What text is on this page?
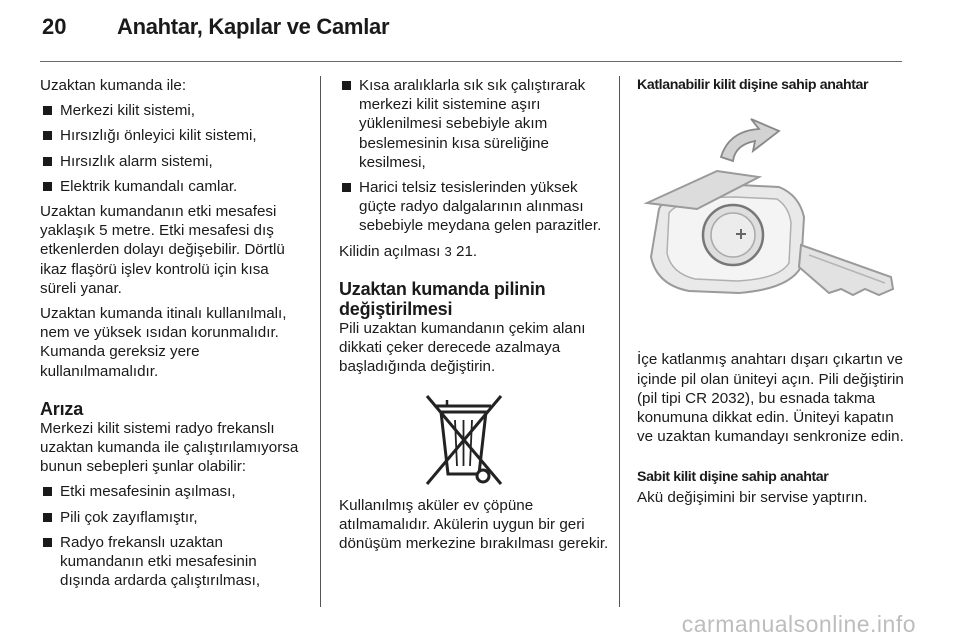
20 Anahtar, Kapılar ve Camlar

Uzaktan kumanda ile:

Merkezi kilit sistemi,
Hırsızlığı önleyici kilit sistemi,
Hırsızlık alarm sistemi,
Elektrik kumandalı camlar.

Uzaktan kumandanın etki mesafesi yaklaşık 5 metre. Etki mesafesi dış etkenlerden dolayı değişebilir. Dörtlü ikaz flaşörü işlev kontrolü için kısa süreli yanar.

Uzaktan kumanda itinalı kullanılmalı, nem ve yüksek ısıdan korunmalıdır. Kumanda gereksiz yere kullanılmamalıdır.

Arıza

Merkezi kilit sistemi radyo frekanslı uzaktan kumanda ile çalıştırılamıyorsa bunun sebepleri şunlar olabilir:

Etki mesafesinin aşılması,
Pili çok zayıflamıştır,
Radyo frekanslı uzaktan kumandanın etki mesafesinin dışında ardarda çalıştırılması,
Kısa aralıklarla sık sık çalıştırarak merkezi kilit sistemine aşırı yüklenilmesi sebebiyle akım beslemesinin kısa süreliğine kesilmesi,
Harici telsiz tesislerinden yüksek güçte radyo dalgalarının alınması sebebiyle meydana gelen parazitler.

Kilidin açılması 3 21.

Uzaktan kumanda pilinin değiştirilmesi

Pili uzaktan kumandanın çekim alanı dikkati çeker derecede azalmaya başladığında değiştirin.

Kullanılmış aküler ev çöpüne atılmamalıdır. Akülerin uygun bir geri dönüşüm merkezine bırakılması gerekir.

Katlanabilir kilit dişine sahip anahtar

İçe katlanmış anahtarı dışarı çıkartın ve içinde pil olan üniteyi açın. Pili değiştirin (pil tipi CR 2032), bu esnada takma konumuna dikkat edin. Üniteyi kapatın ve uzaktan kumandayı senkronize edin.

Sabit kilit dişine sahip anahtar

Akü değişimini bir servise yaptırın.

carmanualsonline.info
